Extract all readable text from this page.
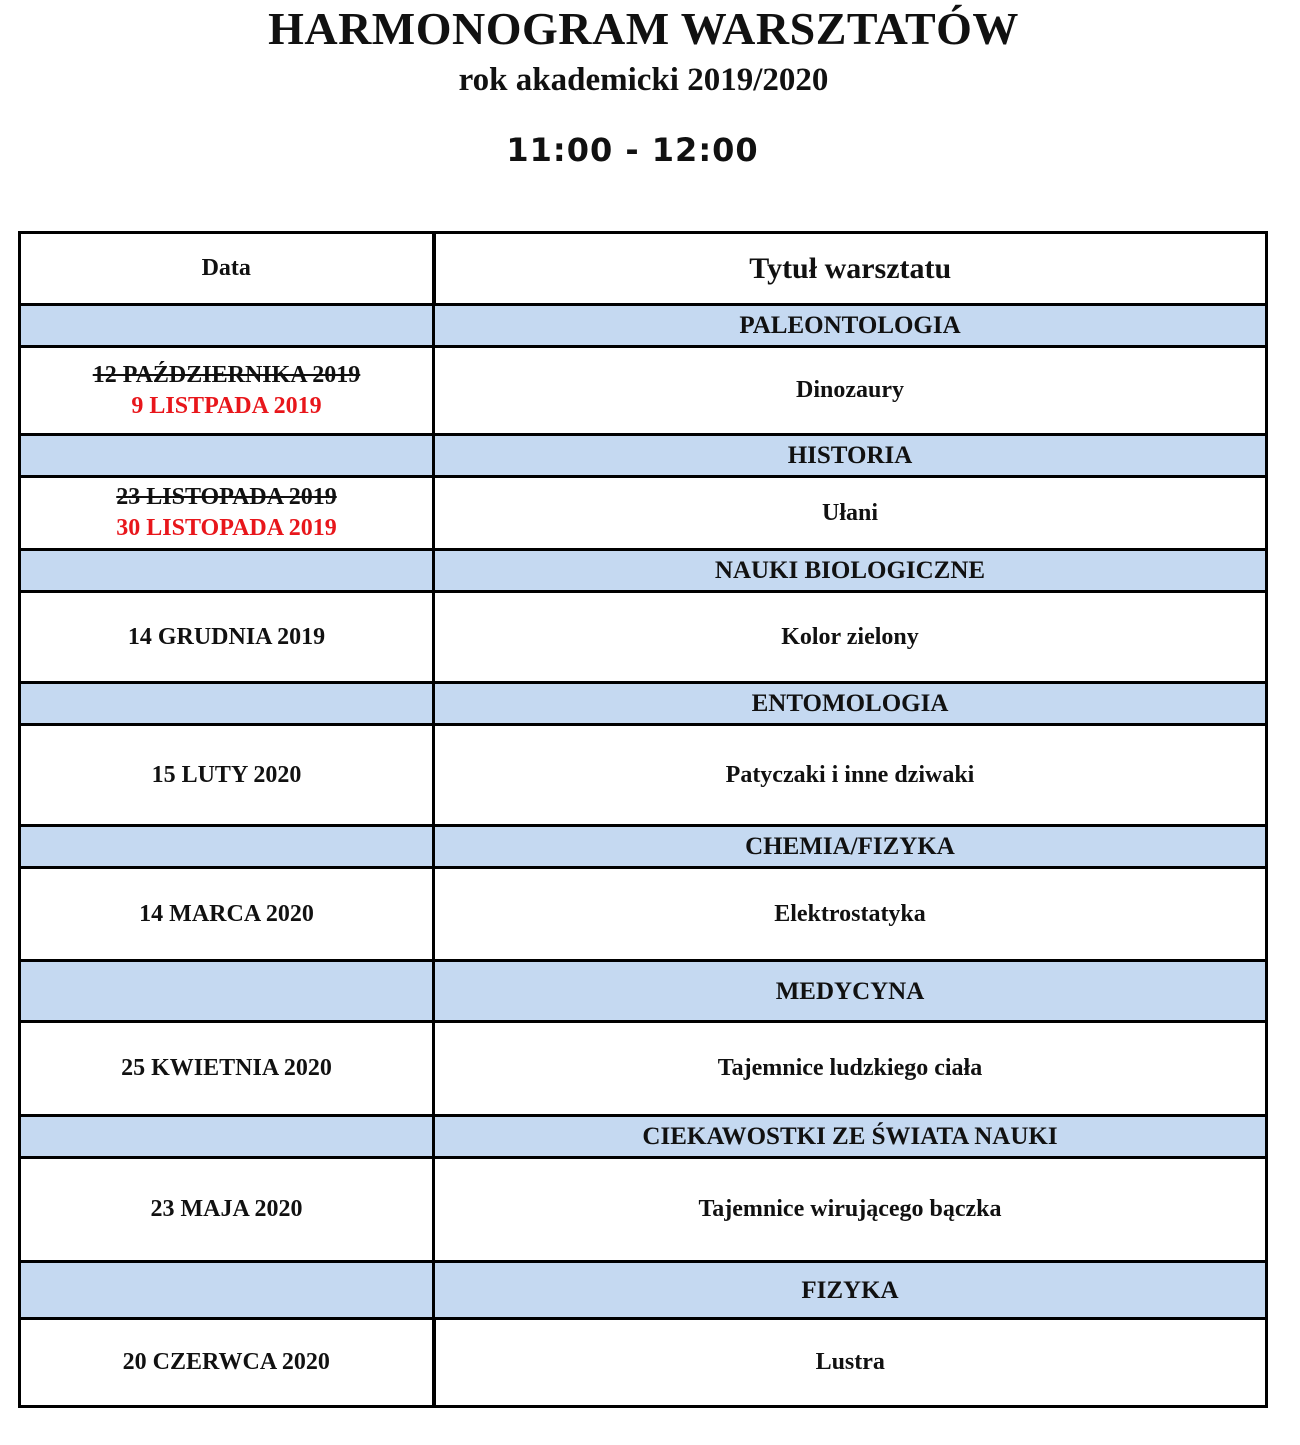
HARMONOGRAM WARSZTATÓW
rok akademicki 2019/2020
11:00 - 12:00
Data	Tytuł warsztatu
	PALEONTOLOGIA

12 PAŹDZIERNIKA 2019
9 LISTPADA 2019	Dinozaury
	HISTORIA

23 LISTOPADA 2019
30 LISTOPADA 2019	Ułani
	NAUKI BIOLOGICZNE
14 GRUDNIA 2019	Kolor zielony
	ENTOMOLOGIA
15 LUTY 2020	Patyczaki i inne dziwaki
	CHEMIA/FIZYKA
14 MARCA 2020	Elektrostatyka
	MEDYCYNA
25 KWIETNIA 2020	Tajemnice ludzkiego ciała
	CIEKAWOSTKI ZE ŚWIATA NAUKI
23 MAJA 2020	Tajemnice wirującego bączka
	FIZYKA
20 CZERWCA 2020	Lustra
